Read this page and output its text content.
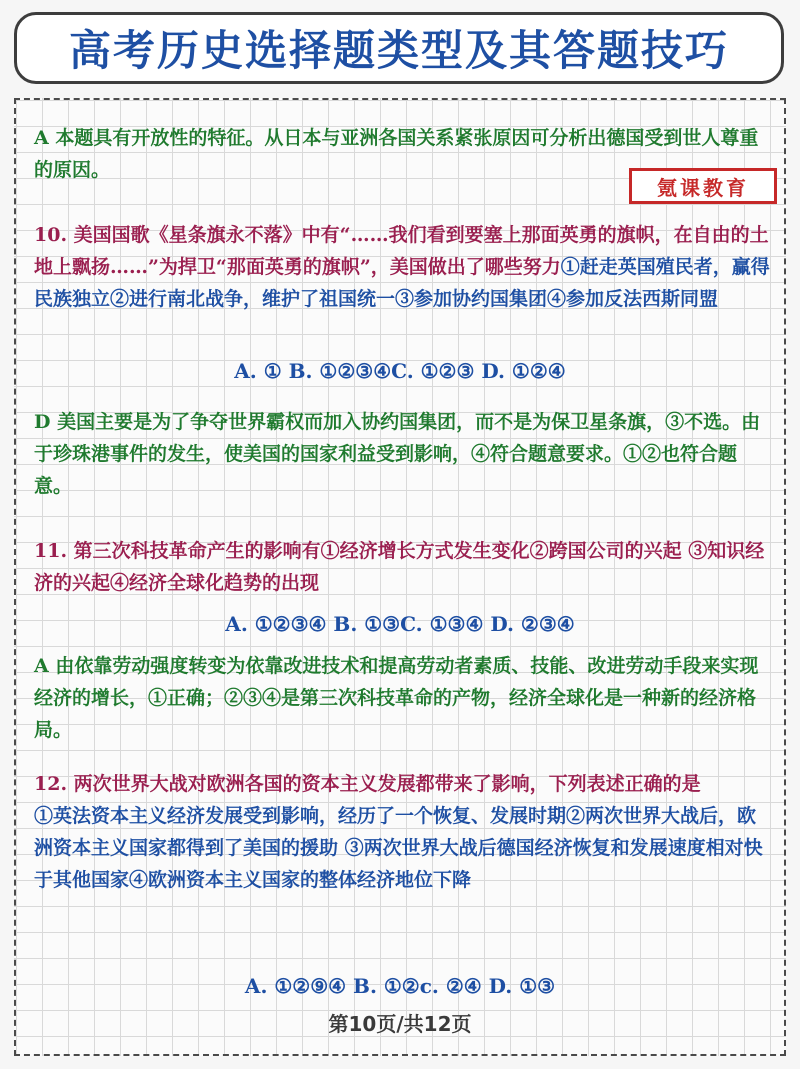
高考历史选择题类型及其答题技巧
A 本题具有开放性的特征。从日本与亚洲各国关系紧张原因可分析出德国受到世人尊重的原因。
氪课教育
10. 美国国歌《星条旗永不落》中有“……我们看到要塞上那面英勇的旗帜，在自由的土地上飘扬……”为捍卫“那面英勇的旗帜”，美国做出了哪些努力①赶走英国殖民者，赢得民族独立②进行南北战争，维护了祖国统一③参加协约国集团④参加反法西斯同盟
A. ① B. ①②③④C. ①②③ D. ①②④
D 美国主要是为了争夺世界霸权而加入协约国集团，而不是为保卫星条旗，③不选。由于珍珠港事件的发生，使美国的国家利益受到影响，④符合题意要求。①②也符合题意。
11. 第三次科技革命产生的影响有①经济增长方式发生变化②跨国公司的兴起 ③知识经济的兴起④经济全球化趋势的出现
A. ①②③④ B. ①③C. ①③④ D. ②③④
A 由依靠劳动强度转变为依靠改进技术和提高劳动者素质、技能、改进劳动手段来实现经济的增长，①正确；②③④是第三次科技革命的产物，经济全球化是一种新的经济格局。
12. 两次世界大战对欧洲各国的资本主义发展都带来了影响，下列表述正确的是
①英法资本主义经济发展受到影响，经历了一个恢复、发展时期②两次世界大战后，欧洲资本主义国家都得到了美国的援助 ③两次世界大战后德国经济恢复和发展速度相对快于其他国家④欧洲资本主义国家的整体经济地位下降
A. ①②⑨④ B. ①②c. ②④ D. ①③
第10页/共12页
